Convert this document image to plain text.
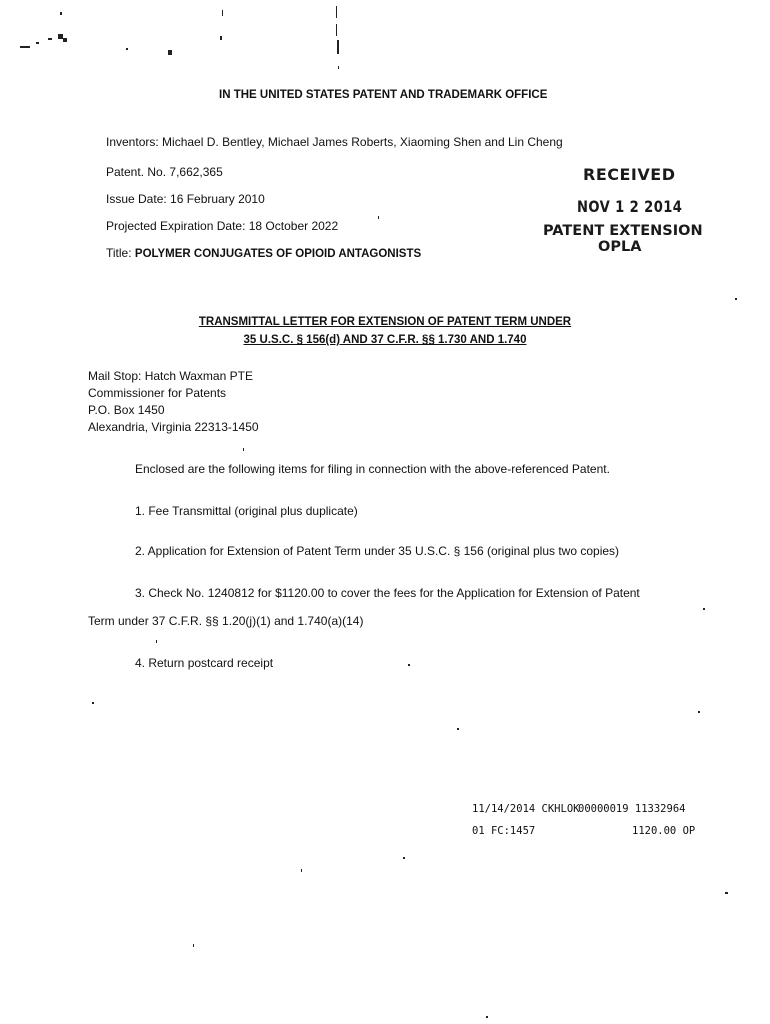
IN THE UNITED STATES PATENT AND TRADEMARK OFFICE
Inventors: Michael D. Bentley, Michael James Roberts, Xiaoming Shen and Lin Cheng
Patent. No. 7,662,365
Issue Date: 16 February 2010
Projected Expiration Date: 18 October 2022
Title: POLYMER CONJUGATES OF OPIOID ANTAGONISTS
RECEIVED
NOV 1 2 2014
PATENT EXTENSION
OPLA
TRANSMITTAL LETTER FOR EXTENSION OF PATENT TERM UNDER
35 U.S.C. § 156(d) AND 37 C.F.R. §§ 1.730 AND 1.740
Mail Stop: Hatch Waxman PTE
Commissioner for Patents
P.O. Box 1450
Alexandria, Virginia 22313-1450
Enclosed are the following items for filing in connection with the above-referenced Patent.
1. Fee Transmittal (original plus duplicate)
2. Application for Extension of Patent Term under 35 U.S.C. § 156 (original plus two copies)
3. Check No. 1240812 for $1120.00 to cover the fees for the Application for Extension of Patent
Term under 37 C.F.R. §§ 1.20(j)(1) and 1.740(a)(14)
4. Return postcard receipt
11/14/2014 CKHLOK
00000019 11332964
01 FC:1457	1120.00 OP
